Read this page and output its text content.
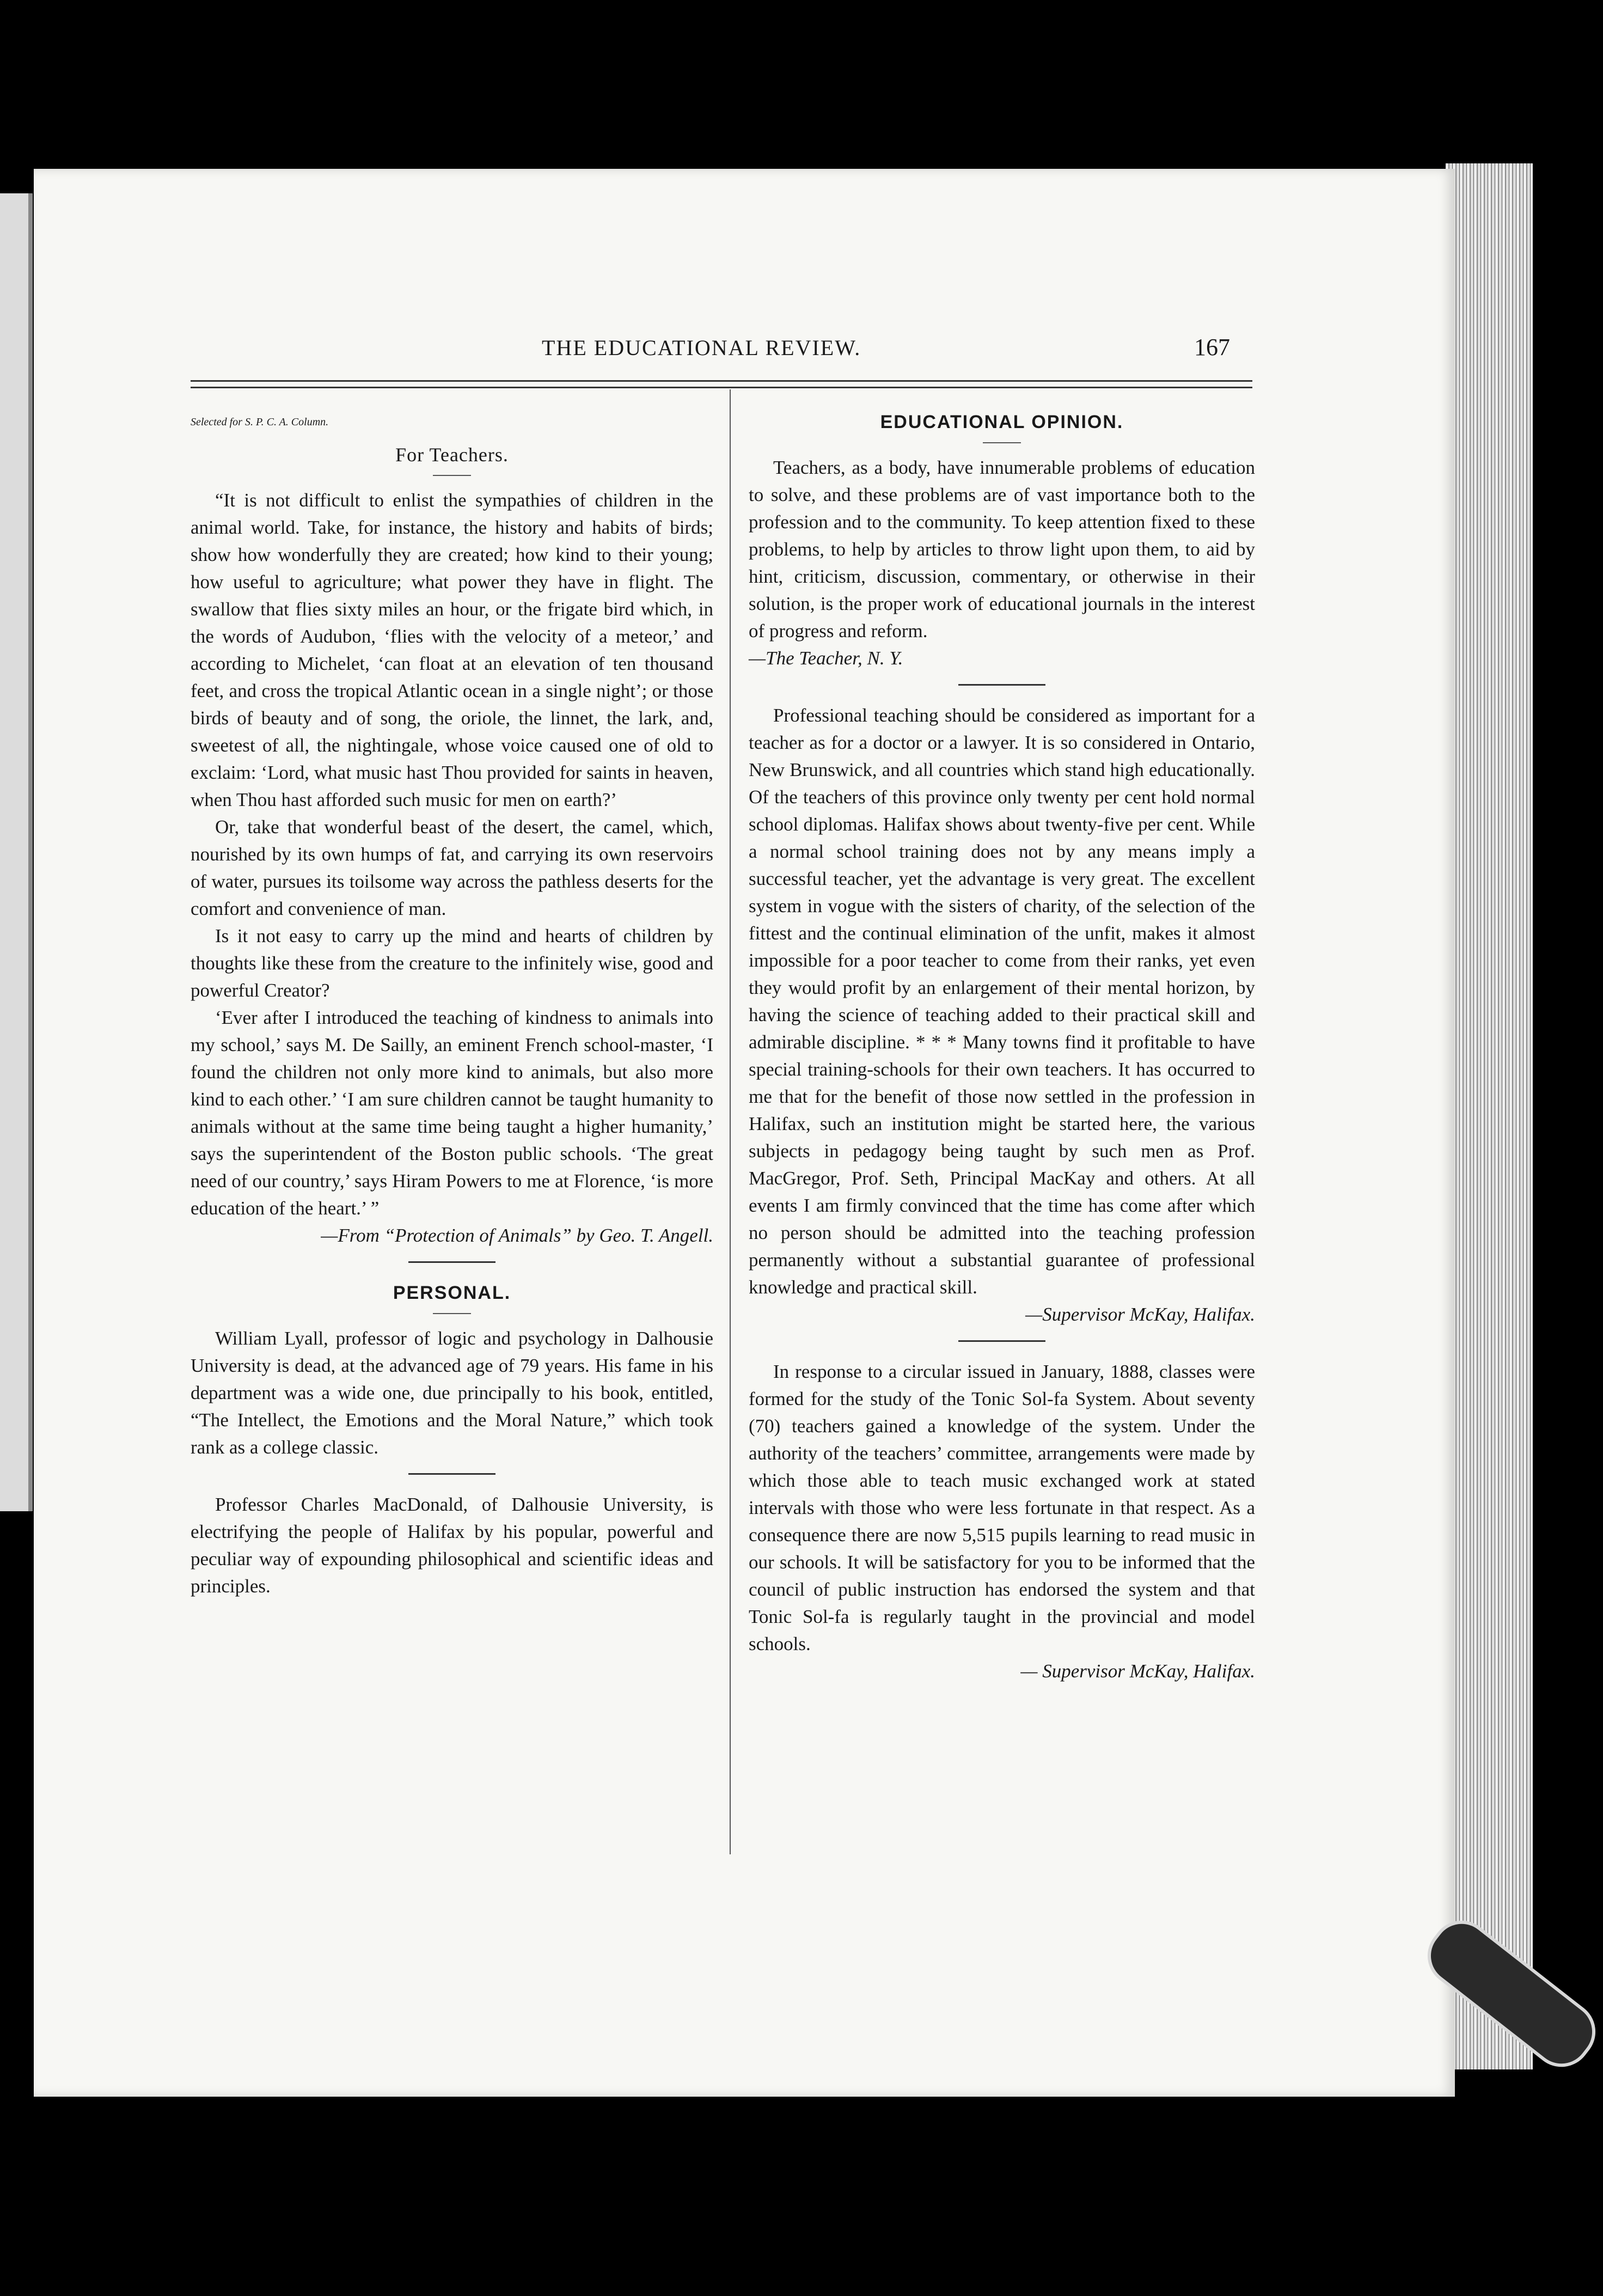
THE EDUCATIONAL REVIEW.	167
Selected for S. P. C. A. Column.
For Teachers.

“It is not difficult to enlist the sympathies of children in the animal world. Take, for instance, the history and habits of birds; show how wonderfully they are created; how kind to their young; how useful to agriculture; what power they have in flight. The swallow that flies sixty miles an hour, or the frigate bird which, in the words of Audubon, ‘flies with the velocity of a meteor,’ and according to Michelet, ‘can float at an elevation of ten thousand feet, and cross the tropical Atlantic ocean in a single night’; or those birds of beauty and of song, the oriole, the linnet, the lark, and, sweetest of all, the nightingale, whose voice caused one of old to exclaim: ‘Lord, what music hast Thou provided for saints in heaven, when Thou hast afforded such music for men on earth?’

Or, take that wonderful beast of the desert, the camel, which, nourished by its own humps of fat, and carrying its own reservoirs of water, pursues its toilsome way across the pathless deserts for the comfort and convenience of man.

Is it not easy to carry up the mind and hearts of children by thoughts like these from the creature to the infinitely wise, good and powerful Creator?

‘Ever after I introduced the teaching of kindness to animals into my school,’ says M. De Sailly, an eminent French school-master, ‘I found the children not only more kind to animals, but also more kind to each other.’ ‘I am sure children cannot be taught humanity to animals without at the same time being taught a higher humanity,’ says the superintendent of the Boston public schools. ‘The great need of our country,’ says Hiram Powers to me at Florence, ‘is more education of the heart.’ ”

—From “Protection of Animals” by Geo. T. Angell.
PERSONAL.

William Lyall, professor of logic and psychology in Dalhousie University is dead, at the advanced age of 79 years. His fame in his department was a wide one, due principally to his book, entitled, “The Intellect, the Emotions and the Moral Nature,” which took rank as a college classic.

Professor Charles MacDonald, of Dalhousie University, is electrifying the people of Halifax by his popular, powerful and peculiar way of expounding philosophical and scientific ideas and principles.

EDUCATIONAL OPINION.

Teachers, as a body, have innumerable problems of education to solve, and these problems are of vast importance both to the profession and to the community. To keep attention fixed to these problems, to help by articles to throw light upon them, to aid by hint, criticism, discussion, commentary, or otherwise in their solution, is the proper work of educational journals in the interest of progress and reform.

—The Teacher, N. Y.

Professional teaching should be considered as important for a teacher as for a doctor or a lawyer. It is so considered in Ontario, New Brunswick, and all countries which stand high educationally. Of the teachers of this province only twenty per cent hold normal school diplomas. Halifax shows about twenty-five per cent. While a normal school training does not by any means imply a successful teacher, yet the advantage is very great. The excellent system in vogue with the sisters of charity, of the selection of the fittest and the continual elimination of the unfit, makes it almost impossible for a poor teacher to come from their ranks, yet even they would profit by an enlargement of their mental horizon, by having the science of teaching added to their practical skill and admirable discipline. * * * Many towns find it profitable to have special training-schools for their own teachers. It has occurred to me that for the benefit of those now settled in the profession in Halifax, such an institution might be started here, the various subjects in pedagogy being taught by such men as Prof. MacGregor, Prof. Seth, Principal MacKay and others. At all events I am firmly convinced that the time has come after which no person should be admitted into the teaching profession permanently without a substantial guarantee of professional knowledge and practical skill.

—Supervisor McKay, Halifax.

In response to a circular issued in January, 1888, classes were formed for the study of the Tonic Sol-fa System. About seventy (70) teachers gained a knowledge of the system. Under the authority of the teachers’ committee, arrangements were made by which those able to teach music exchanged work at stated intervals with those who were less fortunate in that respect. As a consequence there are now 5,515 pupils learning to read music in our schools. It will be satisfactory for you to be informed that the council of public instruction has endorsed the system and that Tonic Sol-fa is regularly taught in the provincial and model schools.

— Supervisor McKay, Halifax.
